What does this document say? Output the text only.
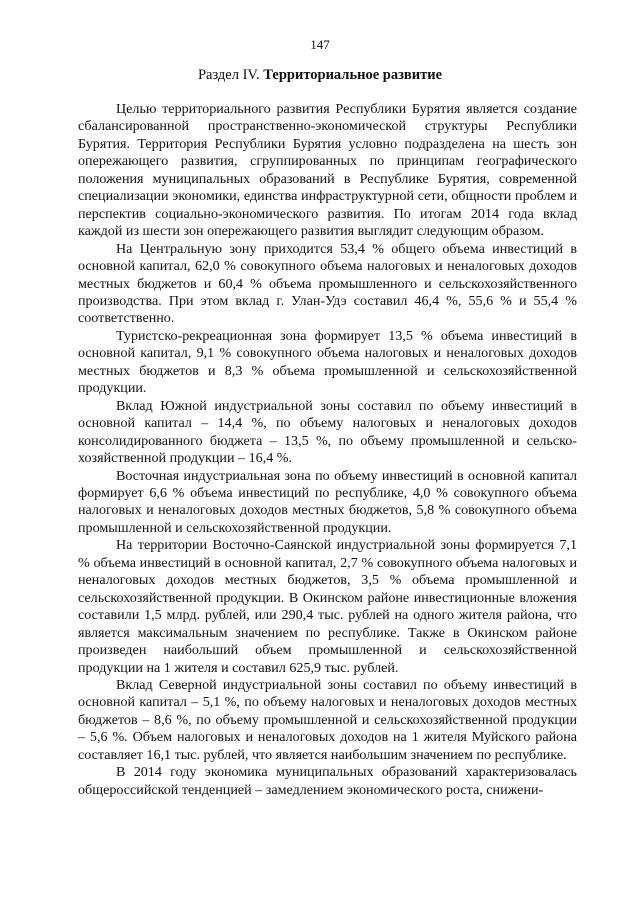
147
Раздел IV. Территориальное развитие

Целью территориального развития Республики Бурятия является создание сбалансированной пространственно-экономической структуры Республики Бурятия. Территория Республики Бурятия условно подразделена на шесть зон опережающего развития, сгруппированных по принципам географического положения муниципальных образований в Республике Бурятия, современной специализации экономики, единства инфраструктурной сети, общности проблем и перспектив социально-экономического развития. По итогам 2014 года вклад каждой из шести зон опережающего развития выглядит следующим образом.

На Центральную зону приходится 53,4 % общего объема инвестиций в основной капитал, 62,0 % совокупного объема налоговых и неналоговых доходов местных бюджетов и 60,4 % объема промышленного и сельскохозяйственного производства. При этом вклад г. Улан-Удэ составил 46,4 %, 55,6 % и 55,4 % соответственно.

Туристско-рекреационная зона формирует 13,5 % объема инвестиций в основной капитал, 9,1 % совокупного объема налоговых и неналоговых доходов местных бюджетов и 8,3 % объема промышленной и сельскохозяйственной продукции.

Вклад Южной индустриальной зоны составил по объему инвестиций в основной капитал – 14,4 %, по объему налоговых и неналоговых доходов консолидированного бюджета – 13,5 %, по объему промышленной и сельскохозяйственной продукции – 16,4 %.

Восточная индустриальная зона по объему инвестиций в основной капитал формирует 6,6 % объема инвестиций по республике, 4,0 % совокупного объема налоговых и неналоговых доходов местных бюджетов, 5,8 % совокупного объема промышленной и сельскохозяйственной продукции.

На территории Восточно-Саянской индустриальной зоны формируется 7,1 % объема инвестиций в основной капитал, 2,7 % совокупного объема налоговых и неналоговых доходов местных бюджетов, 3,5 % объема промышленной и сельскохозяйственной продукции. В Окинском районе инвестиционные вложения составили 1,5 млрд. рублей, или 290,4 тыс. рублей на одного жителя района, что является максимальным значением по республике. Также в Окинском районе произведен наибольший объем промышленной и сельскохозяйственной продукции на 1 жителя и составил 625,9 тыс. рублей.

Вклад Северной индустриальной зоны составил по объему инвестиций в основной капитал – 5,1 %, по объему налоговых и неналоговых доходов местных бюджетов – 8,6 %, по объему промышленной и сельскохозяйственной продукции – 5,6 %. Объем налоговых и неналоговых доходов на 1 жителя Муйского района составляет 16,1 тыс. рублей, что является наибольшим значением по республике.

В 2014 году экономика муниципальных образований характеризовалась общероссийской тенденцией – замедлением экономического роста, снижени-
